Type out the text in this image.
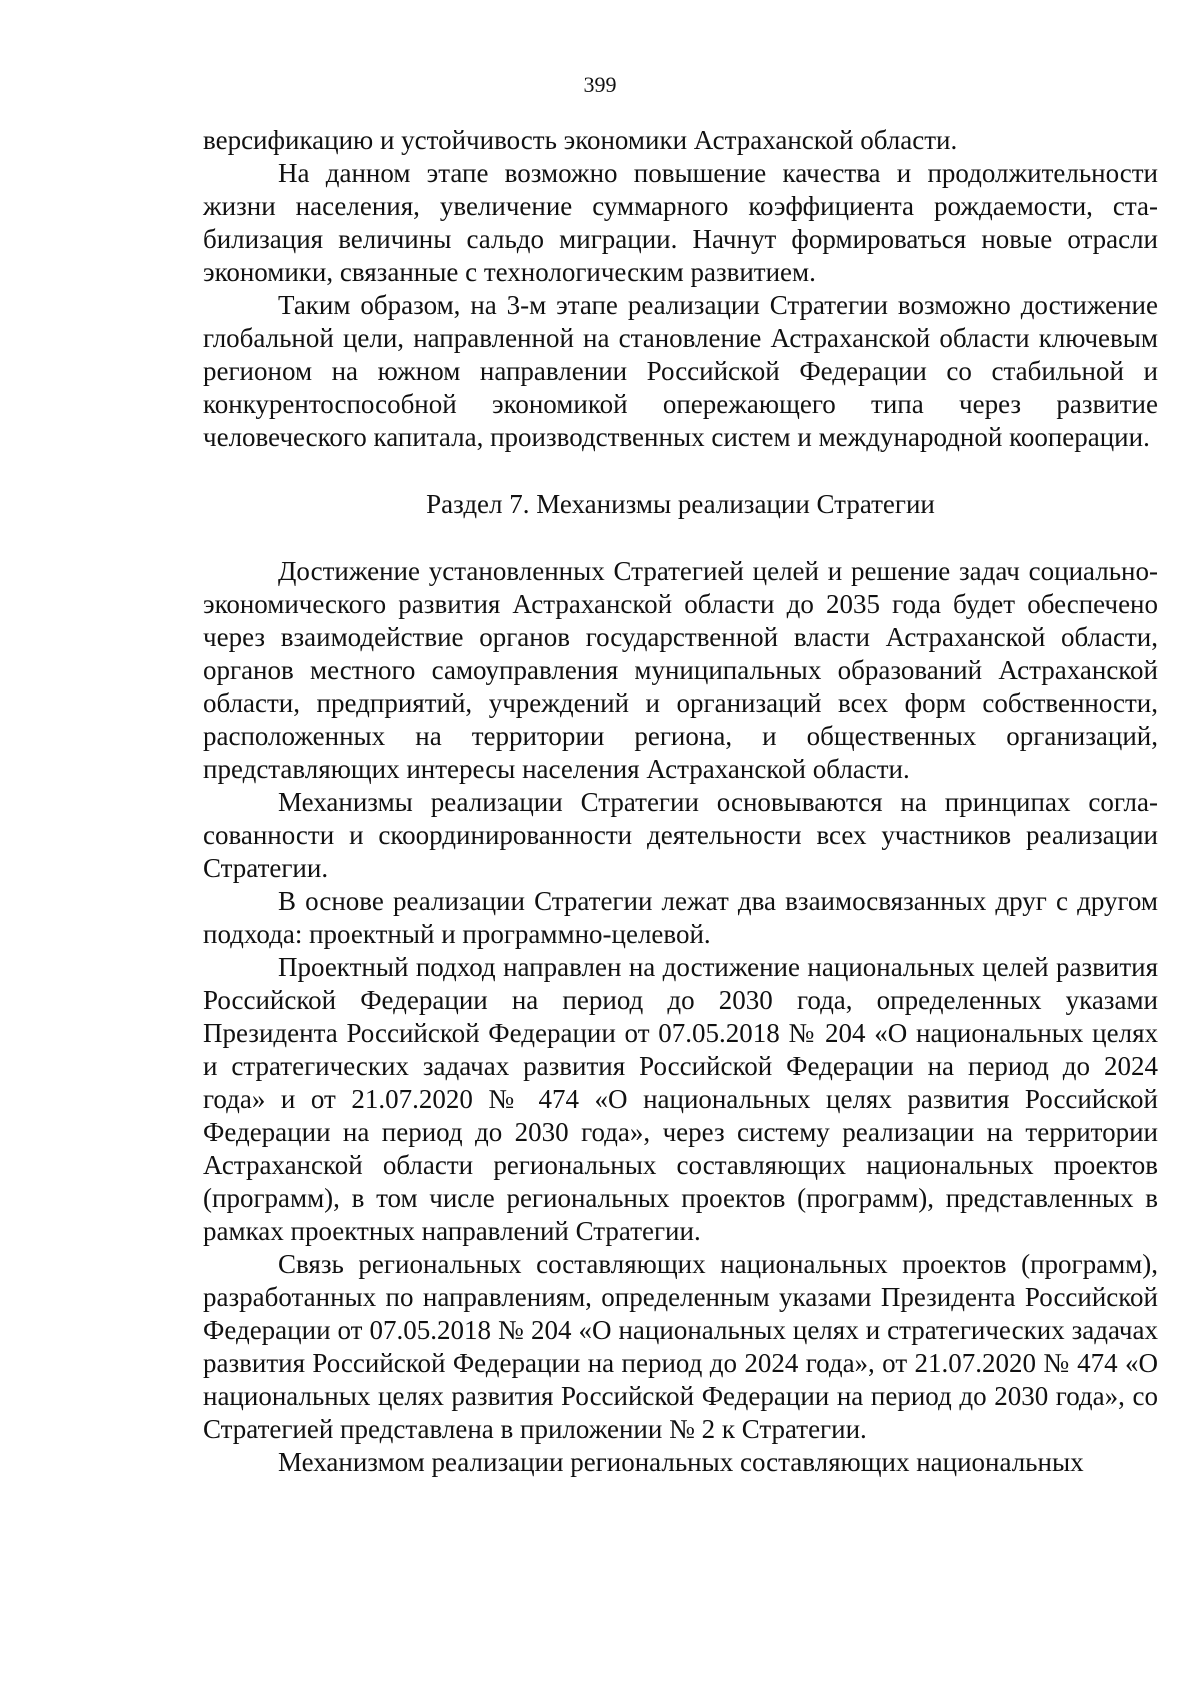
399

версификацию и устойчивость экономики Астраханской области.

На данном этапе возможно повышение качества и продолжительности жизни населения, увеличение суммарного коэффициента рождаемости, стабилизация величины сальдо миграции. Начнут формироваться новые отрасли экономики, связанные с технологическим развитием.

Таким образом, на 3-м этапе реализации Стратегии возможно достижение глобальной цели, направленной на становление Астраханской области ключевым регионом на южном направлении Российской Федерации со стабильной и конкурентоспособной экономикой опережающего типа через развитие человеческого капитала, производственных систем и международной кооперации.

Раздел 7. Механизмы реализации Стратегии

Достижение установленных Стратегией целей и решение задач социально-экономического развития Астраханской области до 2035 года будет обеспечено через взаимодействие органов государственной власти Астраханской области, органов местного самоуправления муниципальных образований Астраханской области, предприятий, учреждений и организаций всех форм собственности, расположенных на территории региона, и общественных организаций, представляющих интересы населения Астраханской области.

Механизмы реализации Стратегии основываются на принципах согласованности и скоординированности деятельности всех участников реализации Стратегии.

В основе реализации Стратегии лежат два взаимосвязанных друг с другом подхода: проектный и программно-целевой.

Проектный подход направлен на достижение национальных целей развития Российской Федерации на период до 2030 года, определенных указами Президента Российской Федерации от 07.05.2018 № 204 «О национальных целях и стратегических задачах развития Российской Федерации на период до 2024 года» и от 21.07.2020 № 474 «О национальных целях развития Российской Федерации на период до 2030 года», через систему реализации на территории Астраханской области региональных составляющих национальных проектов (программ), в том числе региональных проектов (программ), представленных в рамках проектных направлений Стратегии.

Связь региональных составляющих национальных проектов (программ), разработанных по направлениям, определенным указами Президента Российской Федерации от 07.05.2018 № 204 «О национальных целях и стратегических задачах развития Российской Федерации на период до 2024 года», от 21.07.2020 № 474 «О национальных целях развития Российской Федерации на период до 2030 года», со Стратегией представлена в приложении № 2 к Стратегии.

Механизмом реализации региональных составляющих национальных
